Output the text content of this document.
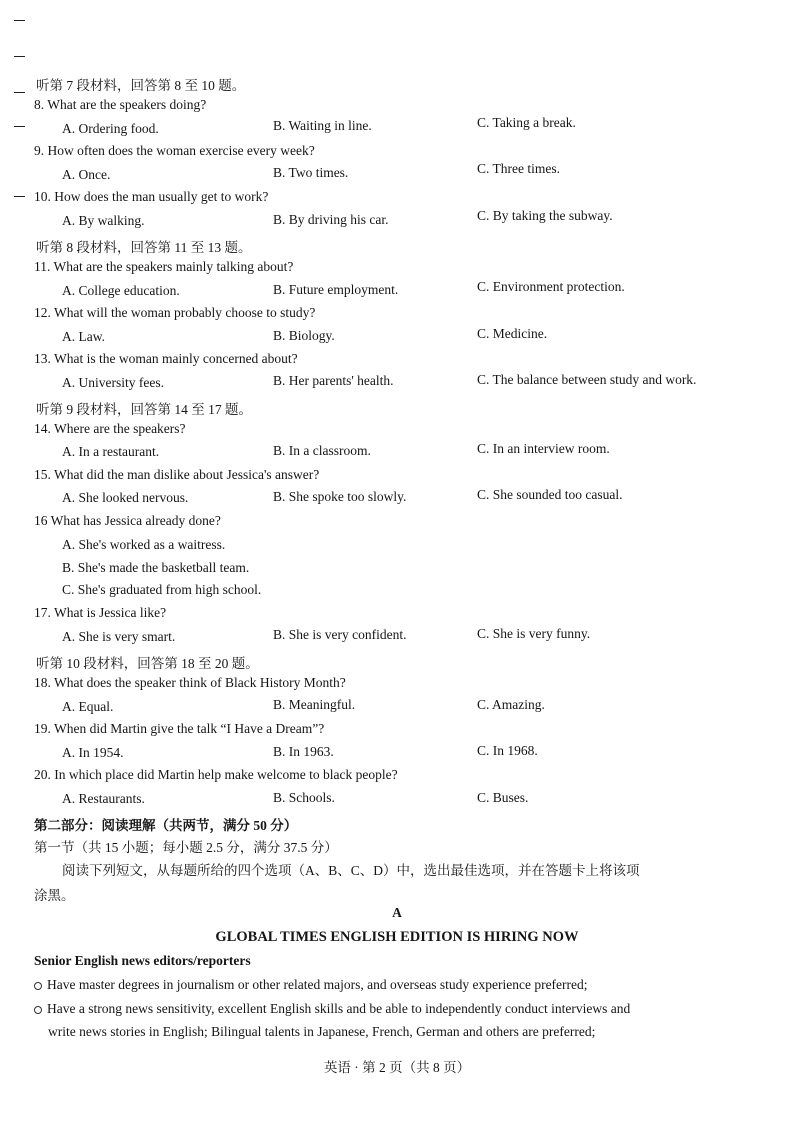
听第 7 段材料，回答第 8 至 10 题。
8. What are the speakers doing?
A. Ordering food.	B. Waiting in line.	C. Taking a break.
9. How often does the woman exercise every week?
A. Once.	B. Two times.	C. Three times.
10. How does the man usually get to work?
A. By walking.	B. By driving his car.	C. By taking the subway.
听第 8 段材料，回答第 11 至 13 题。
11. What are the speakers mainly talking about?
A. College education.	B. Future employment.	C. Environment protection.
12. What will the woman probably choose to study?
A. Law.	B. Biology.	C. Medicine.
13. What is the woman mainly concerned about?
A. University fees.	B. Her parents' health.	C. The balance between study and work.
听第 9 段材料，回答第 14 至 17 题。
14. Where are the speakers?
A. In a restaurant.	B. In a classroom.	C. In an interview room.
15. What did the man dislike about Jessica's answer?
A. She looked nervous.	B. She spoke too slowly.	C. She sounded too casual.
16 What has Jessica already done?
A. She's worked as a waitress.
B. She's made the basketball team.
C. She's graduated from high school.
17. What is Jessica like?
A. She is very smart.	B. She is very confident.	C. She is very funny.
听第 10 段材料，回答第 18 至 20 题。
18. What does the speaker think of Black History Month?
A. Equal.	B. Meaningful.	C. Amazing.
19. When did Martin give the talk “I Have a Dream”?
A. In 1954.	B. In 1963.	C. In 1968.
20. In which place did Martin help make welcome to black people?
A. Restaurants.	B. Schools.	C. Buses.
第二部分：阅读理解（共两节，满分 50 分）
第一节（共 15 小题；每小题 2.5 分，满分 37.5 分）
阅读下列短文，从每题所给的四个选项（A、B、C、D）中，选出最佳选项，并在答题卡上将该项
涂黑。
A
GLOBAL TIMES ENGLISH EDITION IS HIRING NOW
Senior English news editors/reporters
Have master degrees in journalism or other related majors, and overseas study experience preferred;
Have a strong news sensitivity, excellent English skills and be able to independently conduct interviews and
write news stories in English; Bilingual talents in Japanese, French, German and others are preferred;
英语 · 第 2 页（共 8 页）
